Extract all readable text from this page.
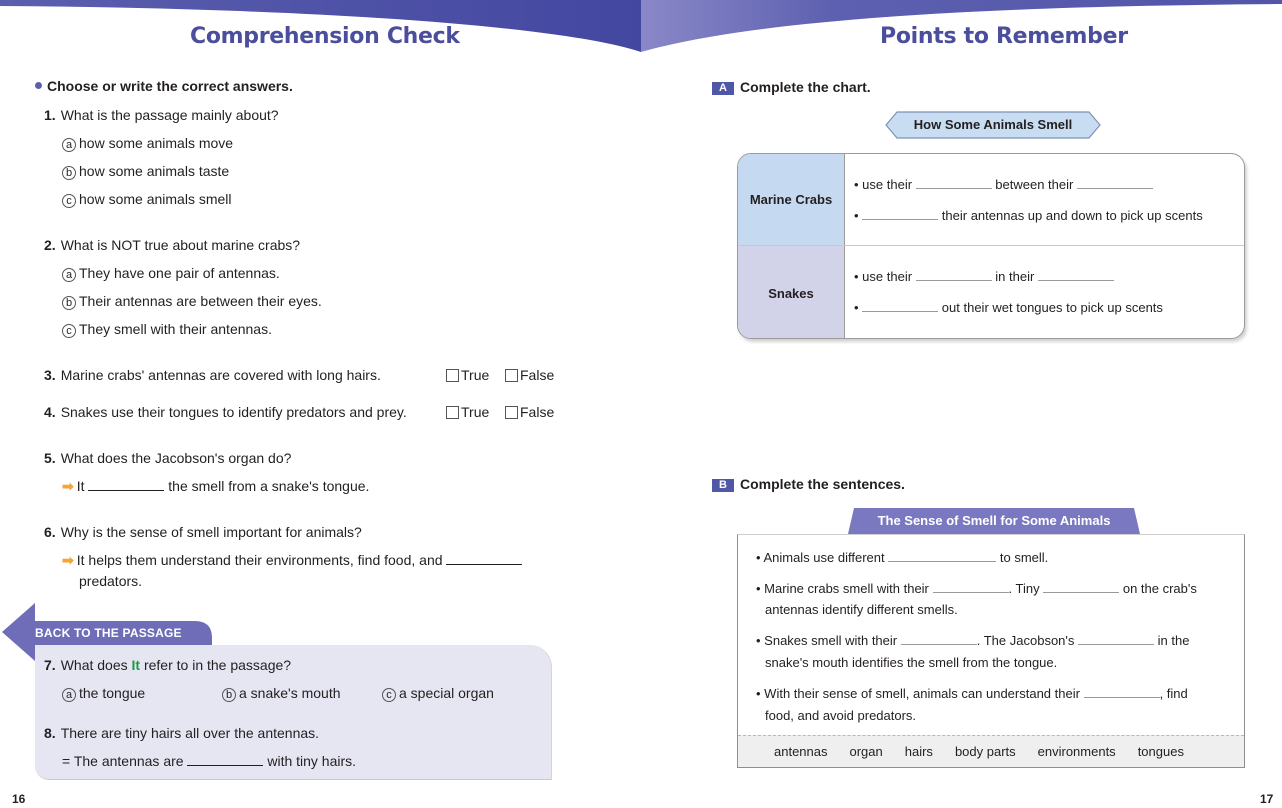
Comprehension Check	Points to Remember
Choose or write the correct answers.
1. What is the passage mainly about?
a how some animals move
b how some animals taste
c how some animals smell
2. What is NOT true about marine crabs?
a They have one pair of antennas.
b Their antennas are between their eyes.
c They smell with their antennas.
3. Marine crabs' antennas are covered with long hairs.	True	False
4. Snakes use their tongues to identify predators and prey.	True	False
5. What does the Jacobson's organ do?
➡ It	the smell from a snake's tongue.
6. Why is the sense of smell important for animals?
➡ It helps them understand their environments, find food, and
predators.
BACK TO THE PASSAGE
7. What does It refer to in the passage?
a the tongue	b a snake's mouth	c a special organ
8. There are tiny hairs all over the antennas.
= The antennas are	with tiny hairs.
16
A Complete the chart.
How Some Animals Smell
Marine Crabs
• use their	between their
•	their antennas up and down to pick up scents
Snakes
• use their	in their
•	out their wet tongues to pick up scents
B Complete the sentences.
The Sense of Smell for Some Animals
• Animals use different	to smell.
• Marine crabs smell with their	. Tiny	on the crab's
antennas identify different smells.
• Snakes smell with their	. The Jacobson's	in the
snake's mouth identifies the smell from the tongue.
• With their sense of smell, animals can understand their	, find
food, and avoid predators.
antennas organ hairs body parts environments tongues
17
